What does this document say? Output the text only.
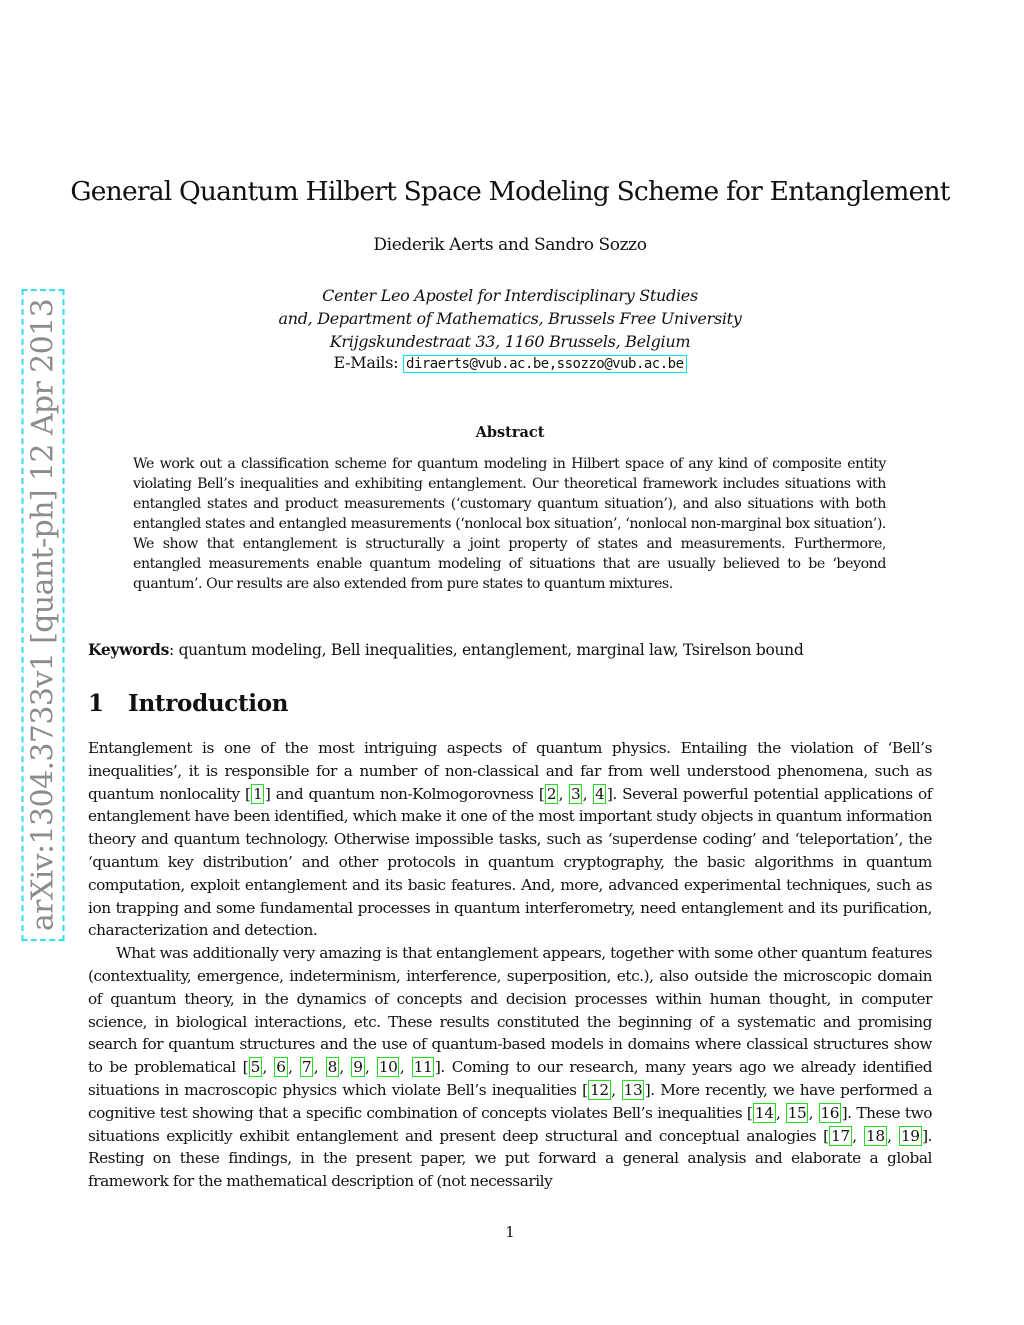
arXiv:1304.3733v1 [quant-ph] 12 Apr 2013
General Quantum Hilbert Space Modeling Scheme for Entanglement
Diederik Aerts and Sandro Sozzo
Center Leo Apostel for Interdisciplinary Studies
and, Department of Mathematics, Brussels Free University
Krijgskundestraat 33, 1160 Brussels, Belgium
E-Mails: diraerts@vub.ac.be,ssozzo@vub.ac.be
Abstract
We work out a classification scheme for quantum modeling in Hilbert space of any kind of composite entity violating Bell’s inequalities and exhibiting entanglement. Our theoretical framework includes situations with entangled states and product measurements (‘customary quantum situation’), and also situations with both entangled states and entangled measurements (‘nonlocal box situation’, ‘nonlocal non-marginal box situation’). We show that entanglement is structurally a joint property of states and measurements. Furthermore, entangled measurements enable quantum modeling of situations that are usually believed to be ‘beyond quantum’. Our results are also extended from pure states to quantum mixtures.
Keywords: quantum modeling, Bell inequalities, entanglement, marginal law, Tsirelson bound
1 Introduction

Entanglement is one of the most intriguing aspects of quantum physics. Entailing the violation of ‘Bell’s inequalities’, it is responsible for a number of non-classical and far from well understood phenomena, such as quantum nonlocality [ 1 ] and quantum non-Kolmogorovness [ 2 , 3 , 4 ]. Several powerful potential applications of entanglement have been identified, which make it one of the most important study objects in quantum information theory and quantum technology. Otherwise impossible tasks, such as ‘superdense coding’ and ‘teleportation’, the ‘quantum key distribution’ and other protocols in quantum cryptography, the basic algorithms in quantum computation, exploit entanglement and its basic features. And, more, advanced experimental techniques, such as ion trapping and some fundamental processes in quantum interferometry, need entanglement and its purification, characterization and detection.

What was additionally very amazing is that entanglement appears, together with some other quantum features (contextuality, emergence, indeterminism, interference, superposition, etc.), also outside the microscopic domain of quantum theory, in the dynamics of concepts and decision processes within human thought, in computer science, in biological interactions, etc. These results constituted the beginning of a systematic and promising search for quantum structures and the use of quantum-based models in domains where classical structures show to be problematical [ 5 , 6 , 7 , 8 , 9 , 10 , 11 ]. Coming to our research, many years ago we already identified situations in macroscopic physics which violate Bell’s inequalities [ 12 , 13 ]. More recently, we have performed a cognitive test showing that a specific combination of concepts violates Bell’s inequalities [ 14 , 15 , 16 ]. These two situations explicitly exhibit entanglement and present deep structural and conceptual analogies [ 17 , 18 , 19 ]. Resting on these findings, in the present paper, we put forward a general analysis and elaborate a global framework for the mathematical description of (not necessarily

1
